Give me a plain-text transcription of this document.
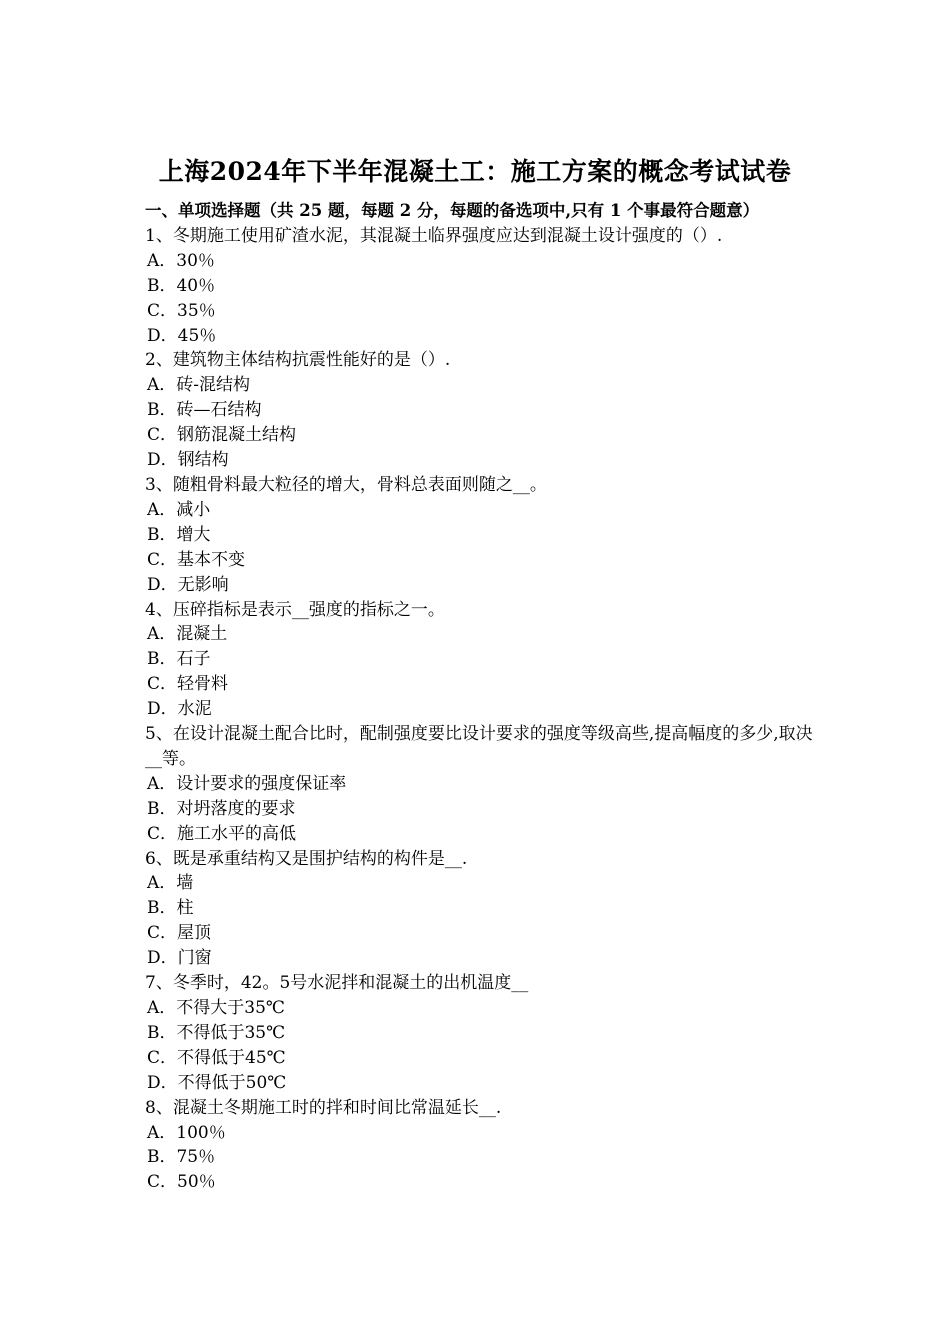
上海2024年下半年混凝土工：施工方案的概念考试试卷
一、单项选择题（共 25 题，每题 2 分，每题的备选项中,只有 1 个事最符合题意）
1、冬期施工使用矿渣水泥，其混凝土临界强度应达到混凝土设计强度的（）.
A．30％
B．40％
C．35％
D．45％
2、建筑物主体结构抗震性能好的是（）.
A．砖-混结构
B．砖—石结构
C．钢筋混凝土结构
D．钢结构
3、随粗骨料最大粒径的增大，骨料总表面则随之__。
A．减小
B．增大
C．基本不变
D．无影响
4、压碎指标是表示__强度的指标之一。
A．混凝土
B．石子
C．轻骨料
D．水泥
5、在设计混凝土配合比时，配制强度要比设计要求的强度等级高些,提高幅度的多少,取决__等。
A．设计要求的强度保证率
B．对坍落度的要求
C．施工水平的高低
6、既是承重结构又是围护结构的构件是__.
A．墙
B．柱
C．屋顶
D．门窗
7、冬季时，42。5号水泥拌和混凝土的出机温度__
A．不得大于35℃
B．不得低于35℃
C．不得低于45℃
D．不得低于50℃
8、混凝土冬期施工时的拌和时间比常温延长__.
A．100％
B．75％
C．50％
